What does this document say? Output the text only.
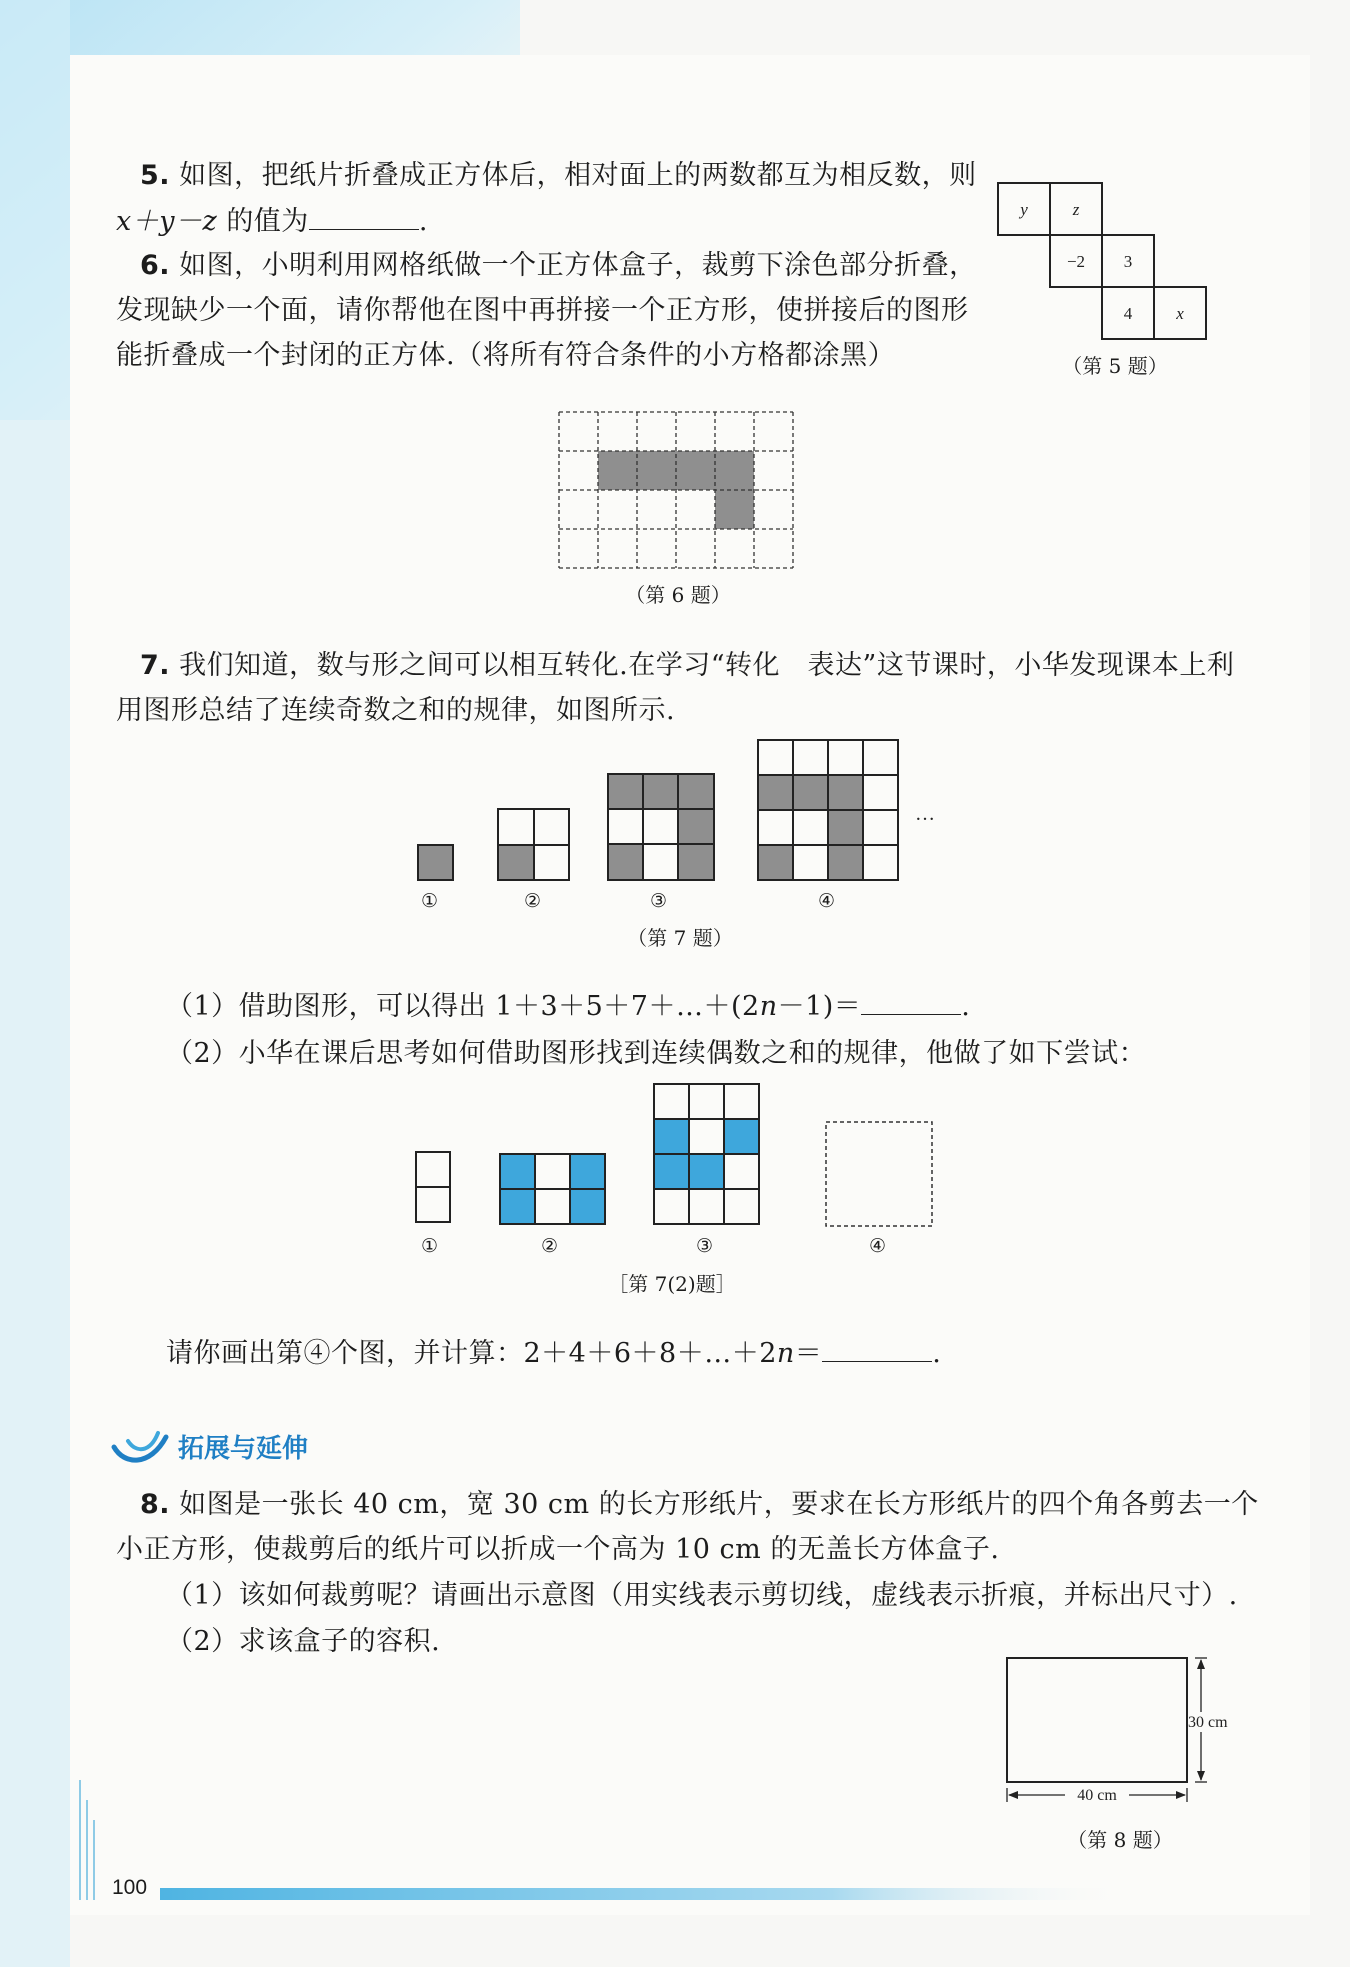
5. 如图，把纸片折叠成正方体后，相对面上的两数都互为相反数，则
x＋y－z 的值为	.	y	z
−2 3
4	x
（第 5 题）
6. 如图，小明利用网格纸做一个正方体盒子，裁剪下涂色部分折叠，
发现缺少一个面，请你帮他在图中再拼接一个正方形，使拼接后的图形
能折叠成一个封闭的正方体.（将所有符合条件的小方格都涂黑）
（第 6 题）
7. 我们知道，数与形之间可以相互转化.在学习“转化　表达”这节课时，小华发现课本上利
用图形总结了连续奇数之和的规律，如图所示.
…
①	②	③	④
（第 7 题）
（1）借助图形，可以得出 1＋3＋5＋7＋…＋(2n－1)＝	.
（2）小华在课后思考如何借助图形找到连续偶数之和的规律，他做了如下尝试：
①	②	③	④
［第 7(2)题］
请你画出第④个图，并计算：2＋4＋6＋8＋…＋2n＝	.
拓展与延伸
8. 如图是一张长 40 cm，宽 30 cm 的长方形纸片，要求在长方形纸片的四个角各剪去一个
小正方形，使裁剪后的纸片可以折成一个高为 10 cm 的无盖长方体盒子.
（1）该如何裁剪呢？请画出示意图（用实线表示剪切线，虚线表示折痕，并标出尺寸）.
（2）求该盒子的容积.
30 cm
40 cm
（第 8 题）
100
